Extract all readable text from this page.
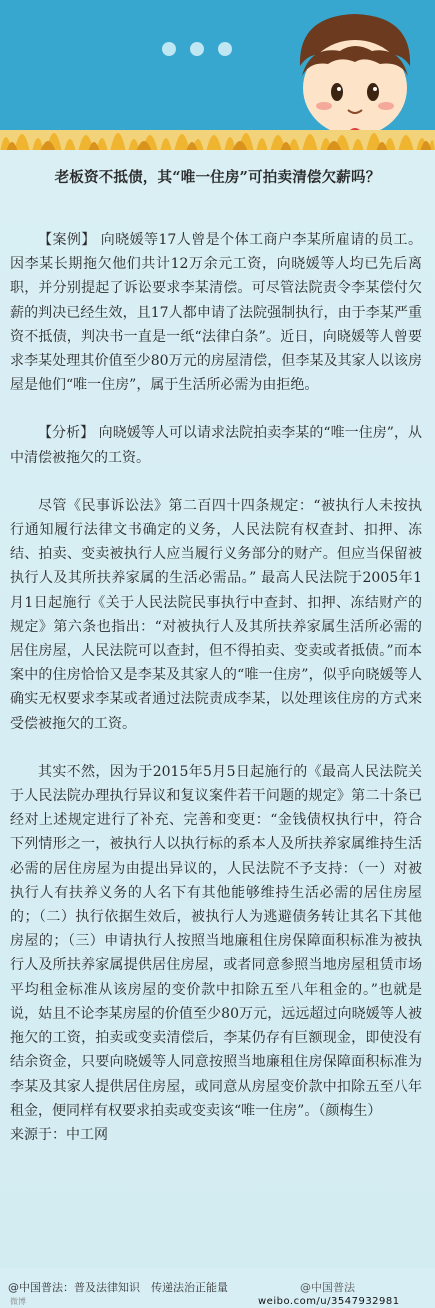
老板资不抵债，其“唯一住房”可拍卖清偿欠薪吗？

【案例】 向晓媛等17人曾是个体工商户李某所雇请的员工。因李某长期拖欠他们共计12万余元工资，向晓媛等人均已先后离职，并分别提起了诉讼要求李某清偿。可尽管法院责令李某偿付欠薪的判决已经生效，且17人都申请了法院强制执行，由于李某严重资不抵债，判决书一直是一纸“法律白条”。近日，向晓媛等人曾要求李某处理其价值至少80万元的房屋清偿，但李某及其家人以该房屋是他们“唯一住房”，属于生活所必需为由拒绝。

【分析】 向晓媛等人可以请求法院拍卖李某的“唯一住房”，从中清偿被拖欠的工资。

尽管《民事诉讼法》第二百四十四条规定：“被执行人未按执行通知履行法律文书确定的义务，人民法院有权查封、扣押、冻结、拍卖、变卖被执行人应当履行义务部分的财产。但应当保留被执行人及其所扶养家属的生活必需品。” 最高人民法院于2005年1月1日起施行《关于人民法院民事执行中查封、扣押、冻结财产的规定》第六条也指出：“对被执行人及其所扶养家属生活所必需的居住房屋，人民法院可以查封，但不得拍卖、变卖或者抵债。”而本案中的住房恰恰又是李某及其家人的“唯一住房”，似乎向晓媛等人确实无权要求李某或者通过法院责成李某，以处理该住房的方式来受偿被拖欠的工资。

其实不然，因为于2015年5月5日起施行的《最高人民法院关于人民法院办理执行异议和复议案件若干问题的规定》第二十条已经对上述规定进行了补充、完善和变更：“金钱债权执行中，符合下列情形之一，被执行人以执行标的系本人及所扶养家属维持生活必需的居住房屋为由提出异议的，人民法院不予支持：（一）对被执行人有扶养义务的人名下有其他能够维持生活必需的居住房屋的；（二）执行依据生效后，被执行人为逃避债务转让其名下其他房屋的；（三）申请执行人按照当地廉租住房保障面积标准为被执行人及所扶养家属提供居住房屋，或者同意参照当地房屋租赁市场平均租金标准从该房屋的变价款中扣除五至八年租金的。”也就是说，姑且不论李某房屋的价值至少80万元，远远超过向晓媛等人被拖欠的工资，拍卖或变卖清偿后，李某仍存有巨额现金，即使没有结余资金，只要向晓媛等人同意按照当地廉租住房保障面积标准为李某及其家人提供居住房屋，或同意从房屋变价款中扣除五至八年租金，便同样有权要求拍卖或变卖该“唯一住房”。（颜梅生）

来源于：中工网

@中国普法：普及法律知识　传递法治正能量	@中国普法
微博	weibo.com/u/3547932981
